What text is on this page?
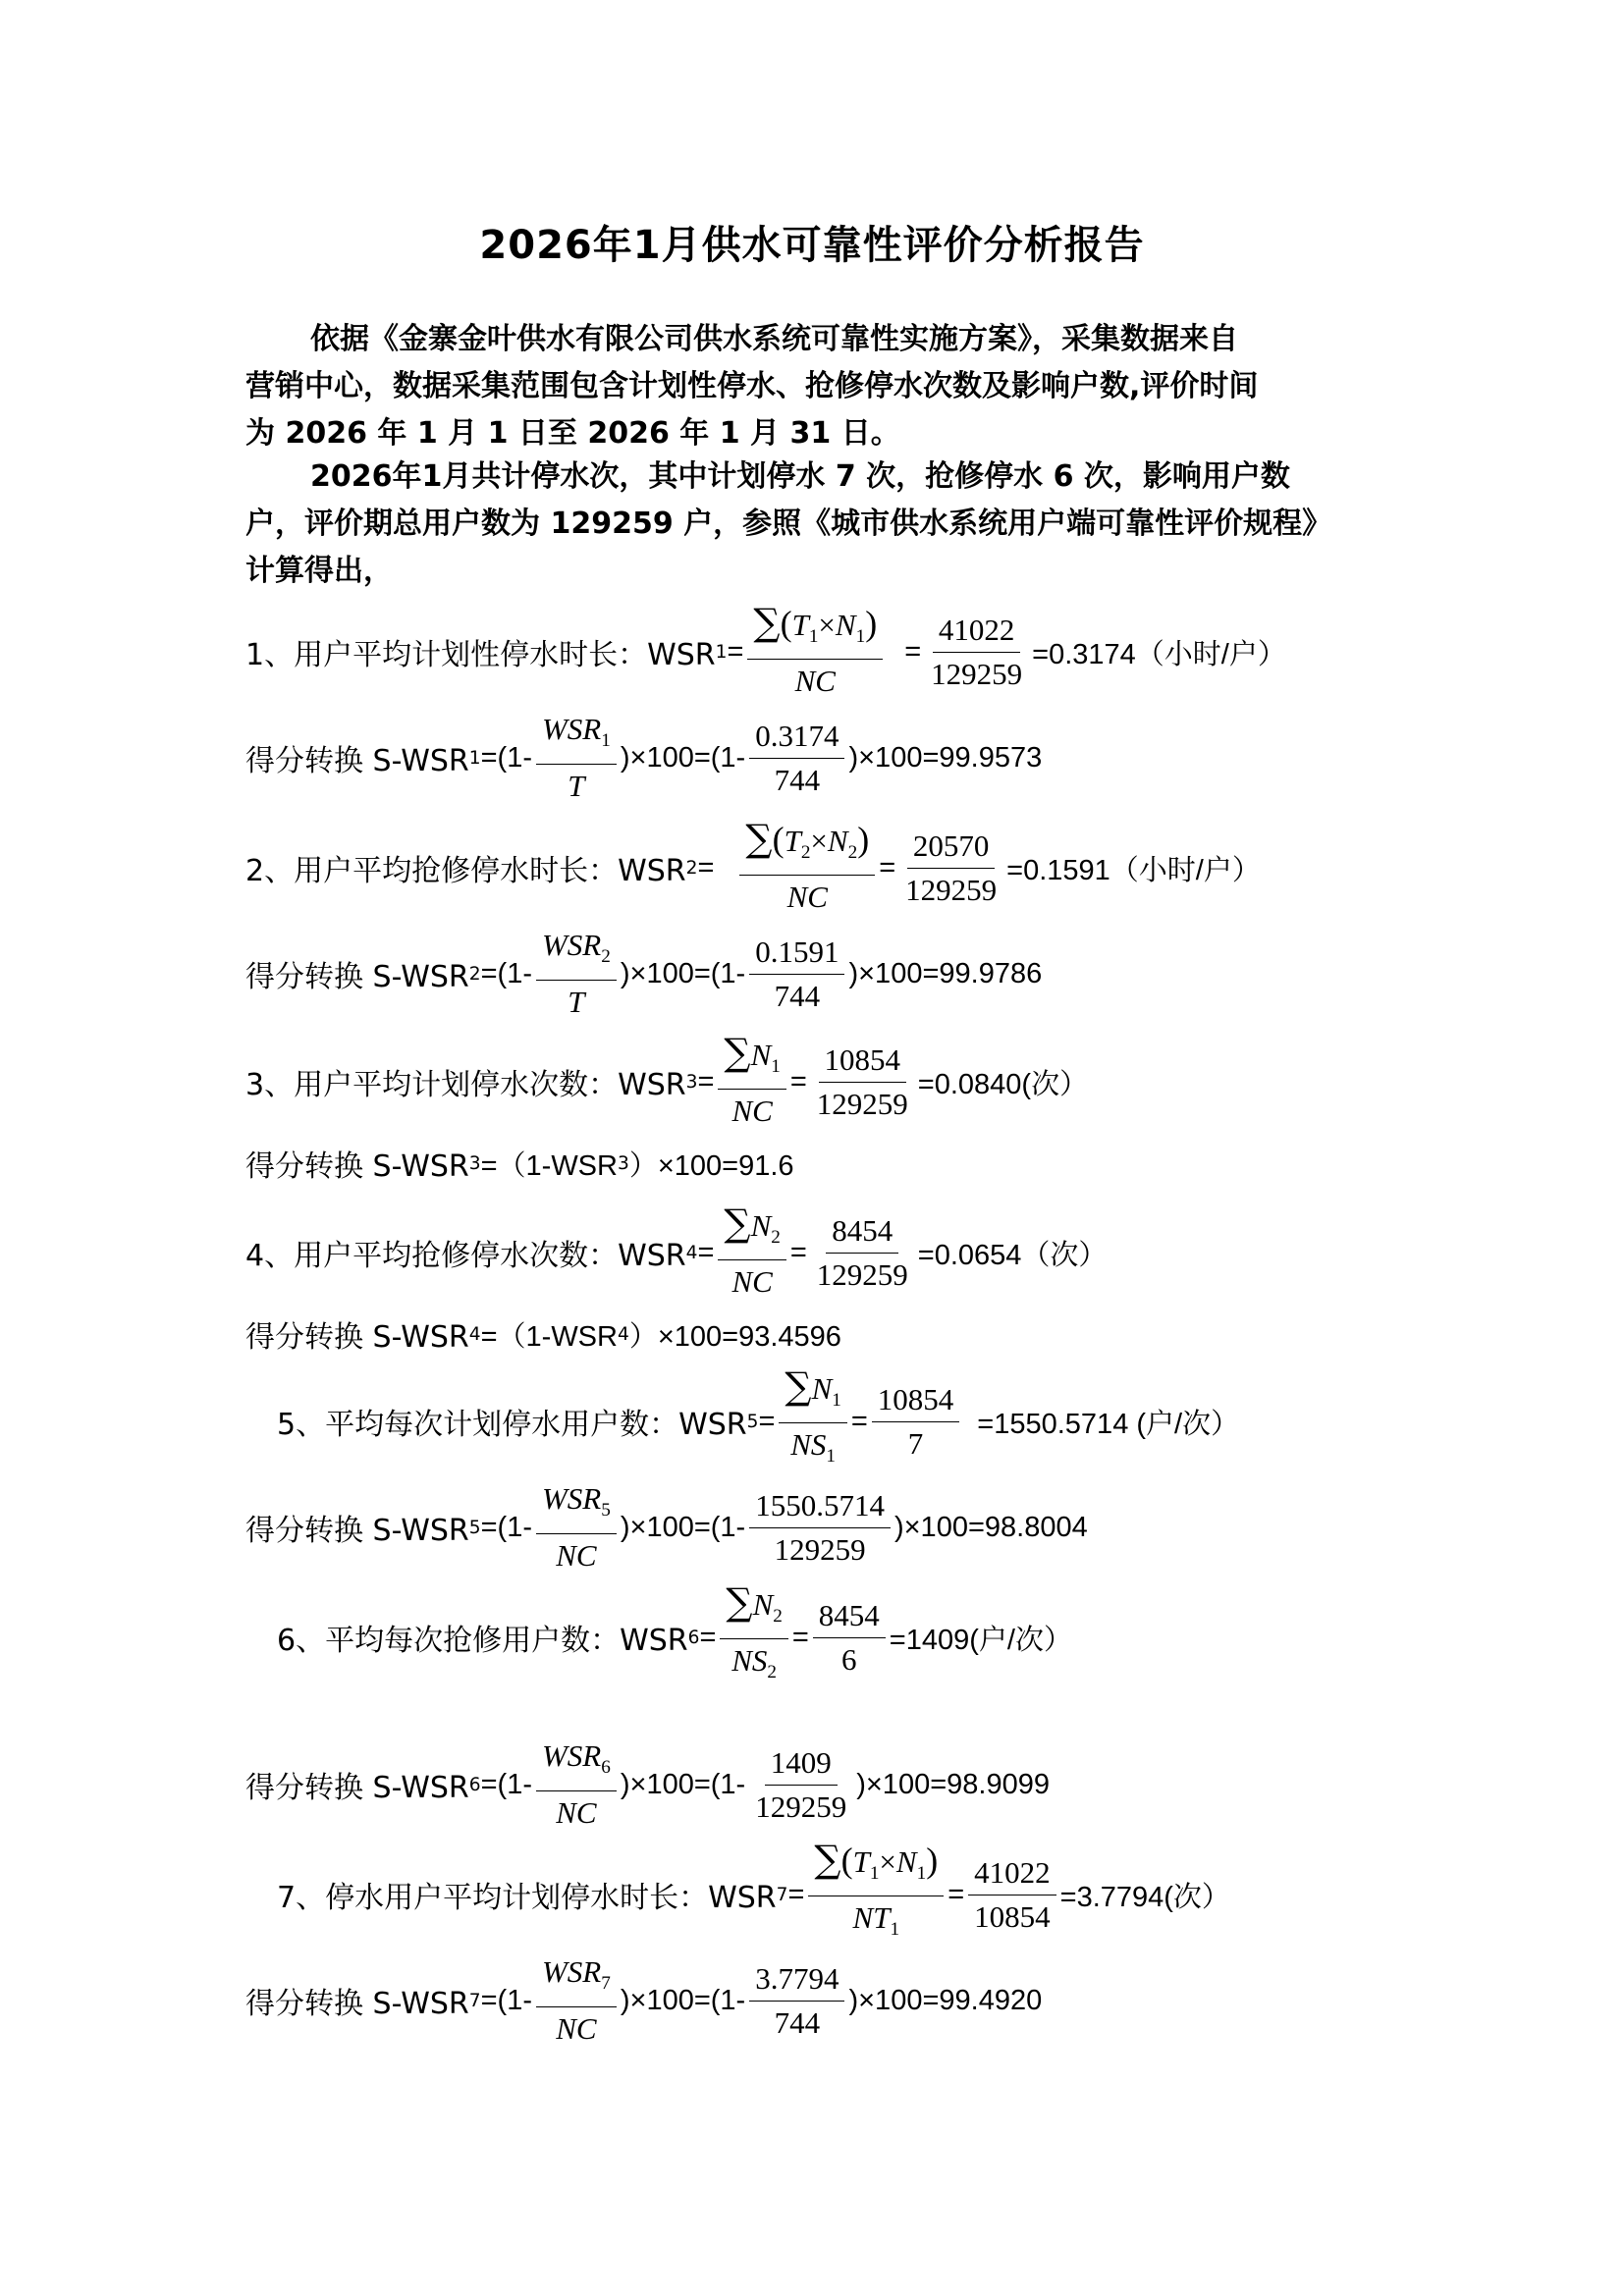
2026年1月供水可靠性评价分析报告
依据《金寨金叶供水有限公司供水系统可靠性实施方案》，采集数据来自
营销中心，数据采集范围包含计划性停水、抢修停水次数及影响户数,评价时间
为 2026 年 1 月 1 日至 2026 年 1 月 31 日。
2026年1月共计停水次，其中计划停水 7 次，抢修停水 6 次，影响用户数
户，评价期总用户数为 129259 户，参照《城市供水系统用户端可靠性评价规程》
计算得出，
1、用户平均计划性停水时长：WSR $1 = \frac{\sum(T_1\times N_1)}{NC} = \frac{41022}{129259} =0.3174$（小时/户）
得分转换 S-WSR $1 = (1- \frac{WSR_1}{T} )\times 100=(1- \frac{0.3174}{744} )\times 100= 99.9573$
2、用户平均抢修停水时长：WSR $2 = \frac{\sum(T_2\times N_2)}{NC} = \frac{20570}{129259} =0.1591$（小时/户）
得分转换 S-WSR $2 = (1- \frac{WSR_2}{T} )\times 100=(1- \frac{0.1591}{744} )\times 100= 99.9786$
3、用户平均计划停水次数：WSR $3 = \frac{\sum N_1}{NC} = \frac{10854}{129259} =0.0840$(次）
得分转换 S-WSR 3 =（1-WSR 3 ）×100=91.6
4、用户平均抢修停水次数：WSR $4 = \frac{\sum N_2}{NC} = \frac{8454}{129259} =0.0654$（次）
得分转换 S-WSR 4 =（1-WSR 4 ）×100=93.4596
5、平均每次计划停水用户数：WSR $5 = \frac{\sum N_1}{NS_1} = \frac{10854}{7} =1550.5714$ (户/次）
得分转换 S-WSR $5 = (1- \frac{WSR_5}{NC} )\times 100=(1- \frac{1550.5714}{129259} )\times 100= 98.8004$
6、平均每次抢修用户数：WSR $6 = \frac{\sum N_2}{NS_2} = \frac{8454}{6} =1409$(户/次）
得分转换 S-WSR $6 = (1- \frac{WSR_6}{NC} )\times 100=(1- \frac{1409}{129259} )\times 100= 98.9099$
7、停水用户平均计划停水时长：WSR $7 = \frac{\sum(T_1\times N_1)}{NT_1} = \frac{41022}{10854} =3.7794$(次）
得分转换 S-WSR $7 = (1- \frac{WSR_7}{NC} )\times 100=(1- \frac{3.7794}{744} )\times 100= 99.4920$
